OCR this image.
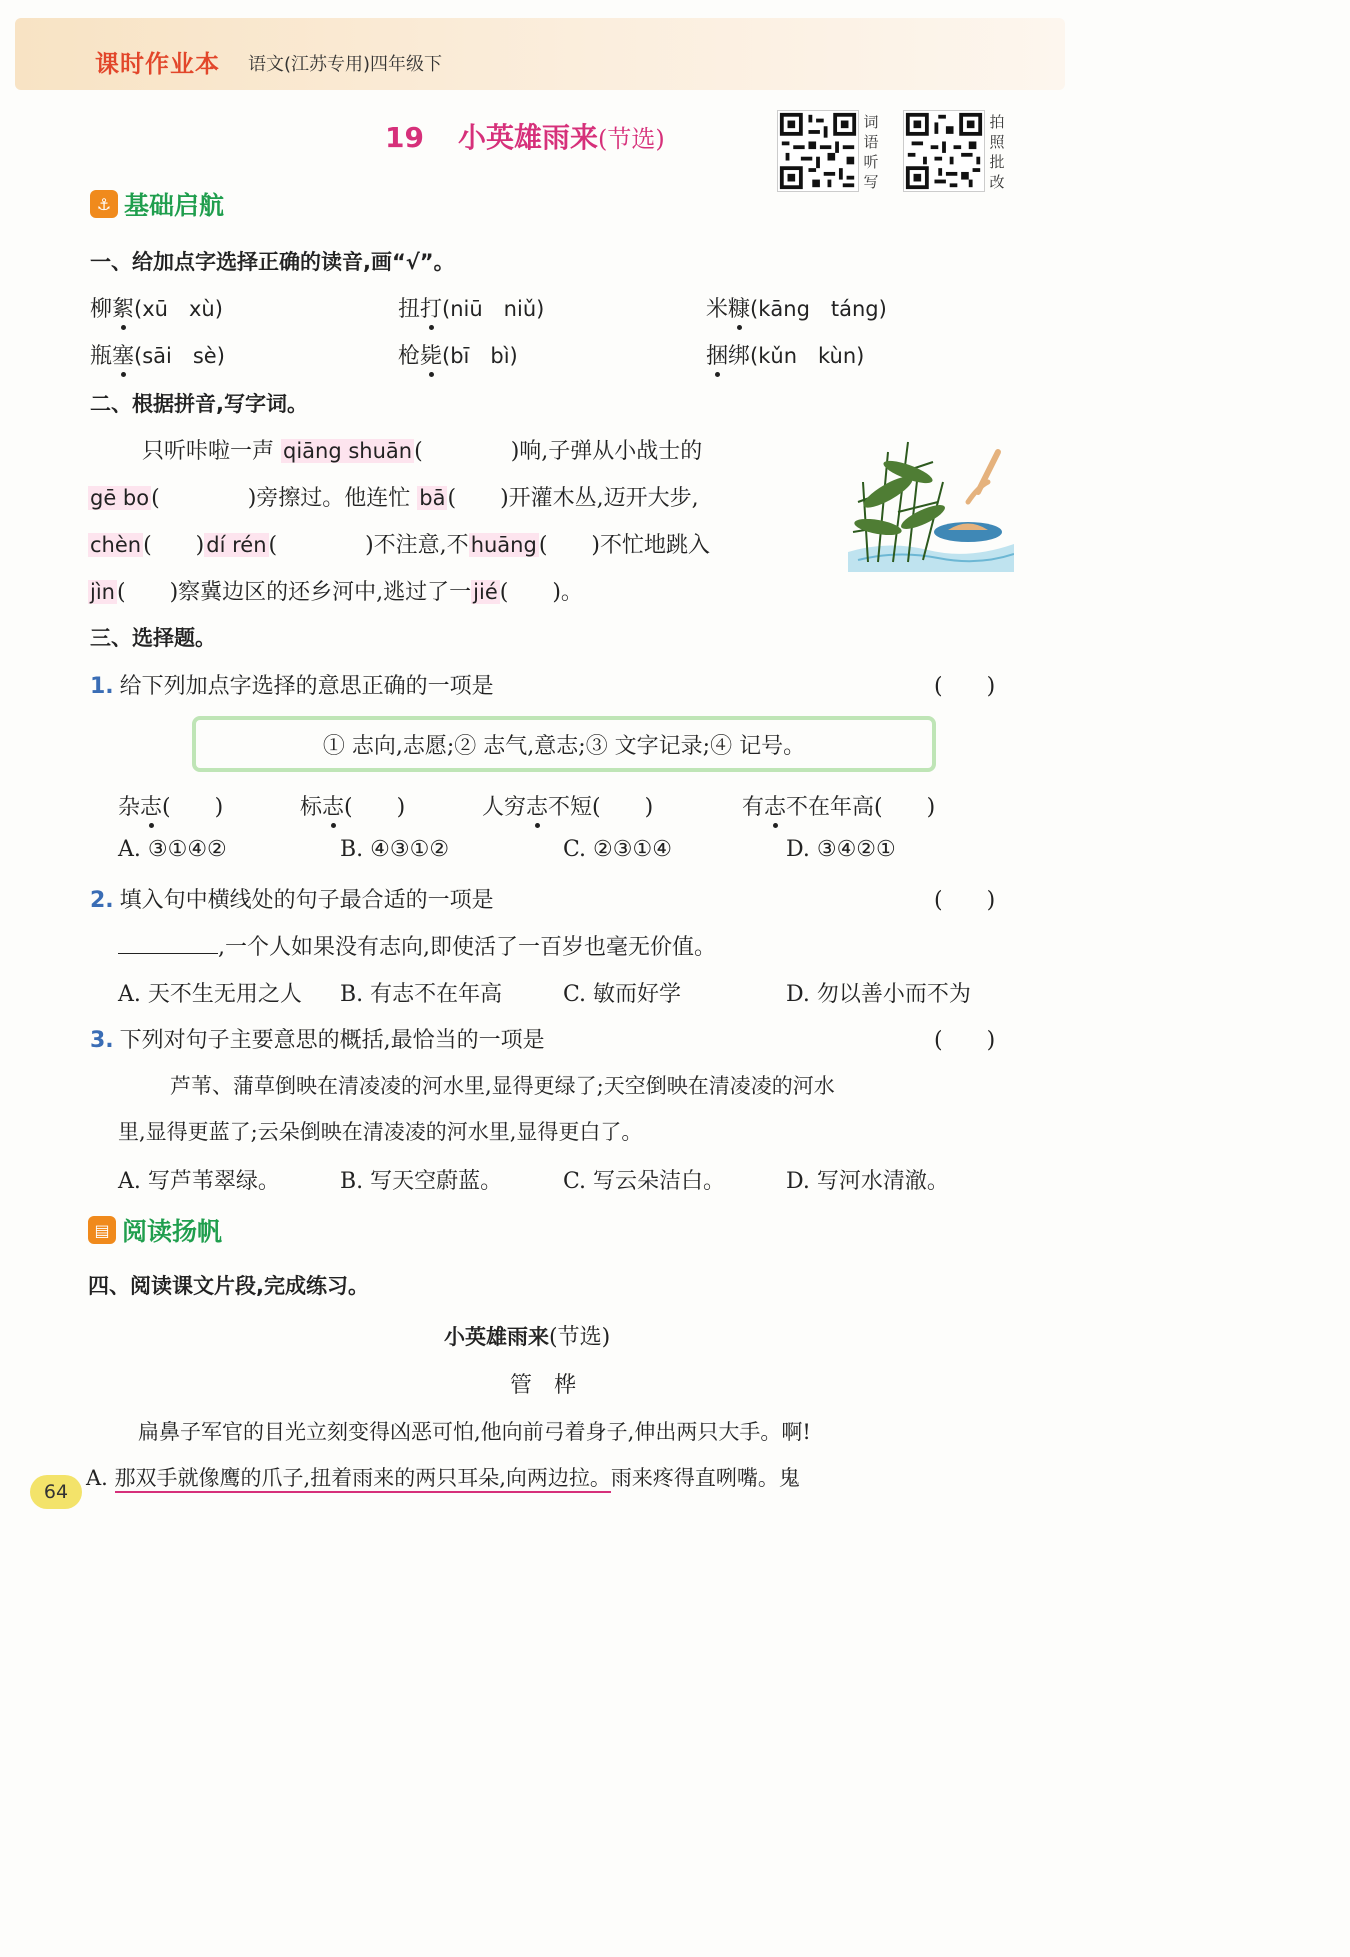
课时作业本 语文(江苏专用)四年级下
19 小英雄雨来(节选)
词
语
听
写
拍
照
批
改
⚓ 基础启航
一、给加点字选择正确的读音,画“√”。
柳絮(xū　xù)	扭打(niū　niǔ)	米糠(kāng　táng)
瓶塞(sāi　sè)	枪毙(bī　bì)	捆绑(kǔn　kùn)
二、根据拼音,写字词。
只听咔啦一声 qiāng shuān(　　　　)响,子弹从小战士的
gē bo(　　　　)旁擦过。他连忙 bā(　　)开灌木丛,迈开大步,
chèn(　　)dí rén(　　　　)不注意,不huāng(　　)不忙地跳入
jìn(　　)察冀边区的还乡河中,逃过了一jié(　　)。
三、选择题。
1. 给下列加点字选择的意思正确的一项是	(　　)
① 志向,志愿;② 志气,意志;③ 文字记录;④ 记号。
杂志(　　)	标志(　　)	人穷志不短(　　)	有志不在年高(　　)
A. ③①④②	B. ④③①②	C. ②③①④	D. ③④②①
2. 填入句中横线处的句子最合适的一项是	(　　)
,一个人如果没有志向,即使活了一百岁也毫无价值。
A. 天不生无用之人 B. 有志不在年高	C. 敏而好学	D. 勿以善小而不为
3. 下列对句子主要意思的概括,最恰当的一项是	(　　)
芦苇、蒲草倒映在清凌凌的河水里,显得更绿了;天空倒映在清凌凌的河水
里,显得更蓝了;云朵倒映在清凌凌的河水里,显得更白了。
A. 写芦苇翠绿。	B. 写天空蔚蓝。	C. 写云朵洁白。	D. 写河水清澈。
▤ 阅读扬帆
四、阅读课文片段,完成练习。
小英雄雨来(节选)
管　桦
扁鼻子军官的目光立刻变得凶恶可怕,他向前弓着身子,伸出两只大手。啊!
A. 那双手就像鹰的爪子,扭着雨来的两只耳朵,向两边拉。雨来疼得直咧嘴。鬼
64
